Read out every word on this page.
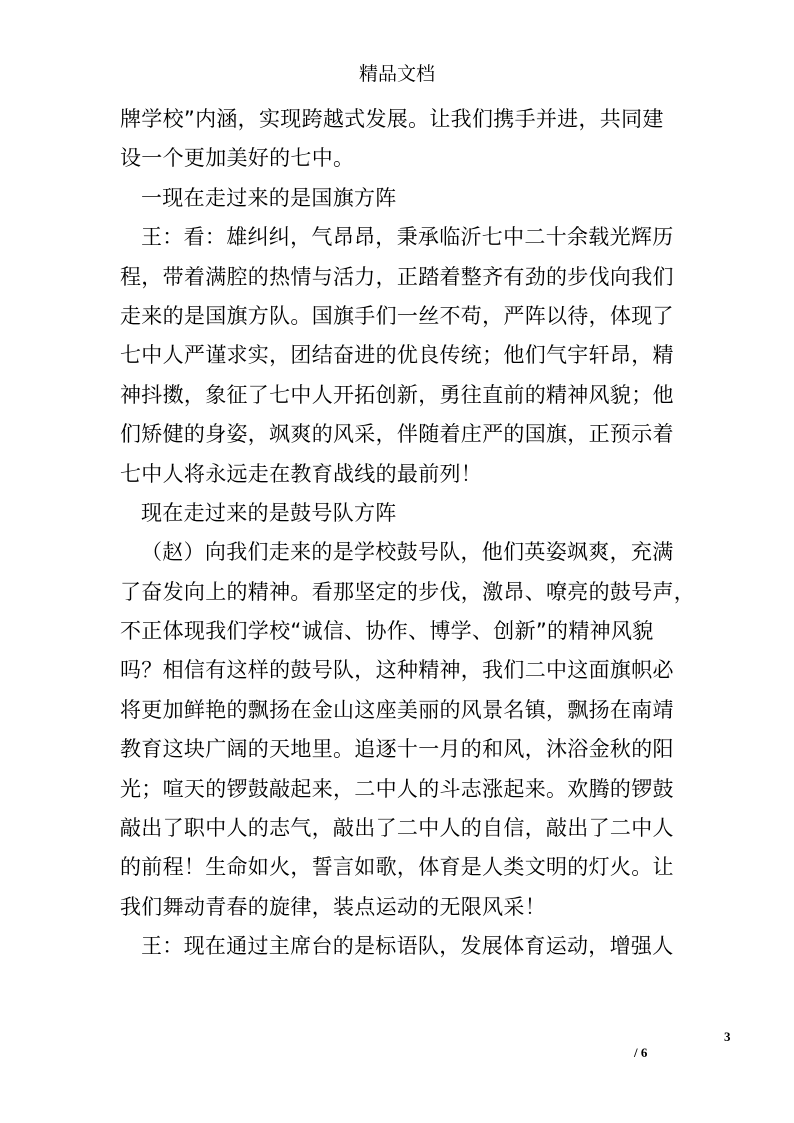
精品文档
牌学校”内涵，实现跨越式发展。让我们携手并进，共同建
设一个更加美好的七中。
一现在走过来的是国旗方阵
王：看：雄纠纠，气昂昂，秉承临沂七中二十余载光辉历
程，带着满腔的热情与活力，正踏着整齐有劲的步伐向我们
走来的是国旗方队。国旗手们一丝不苟，严阵以待，体现了
七中人严谨求实，团结奋进的优良传统；他们气宇轩昂，精
神抖擞，象征了七中人开拓创新，勇往直前的精神风貌；他
们矫健的身姿，飒爽的风采，伴随着庄严的国旗，正预示着
七中人将永远走在教育战线的最前列！
现在走过来的是鼓号队方阵
（赵）向我们走来的是学校鼓号队，他们英姿飒爽，充满
了奋发向上的精神。看那坚定的步伐，激昂、嘹亮的鼓号声，
不正体现我们学校“诚信、协作、博学、创新”的精神风貌
吗？相信有这样的鼓号队，这种精神，我们二中这面旗帜必
将更加鲜艳的飘扬在金山这座美丽的风景名镇，飘扬在南靖
教育这块广阔的天地里。追逐十一月的和风，沐浴金秋的阳
光；喧天的锣鼓敲起来，二中人的斗志涨起来。欢腾的锣鼓
敲出了职中人的志气，敲出了二中人的自信，敲出了二中人
的前程！生命如火，誓言如歌，体育是人类文明的灯火。让
我们舞动青春的旋律，装点运动的无限风采！
王：现在通过主席台的是标语队，发展体育运动，增强人
3
/ 6
